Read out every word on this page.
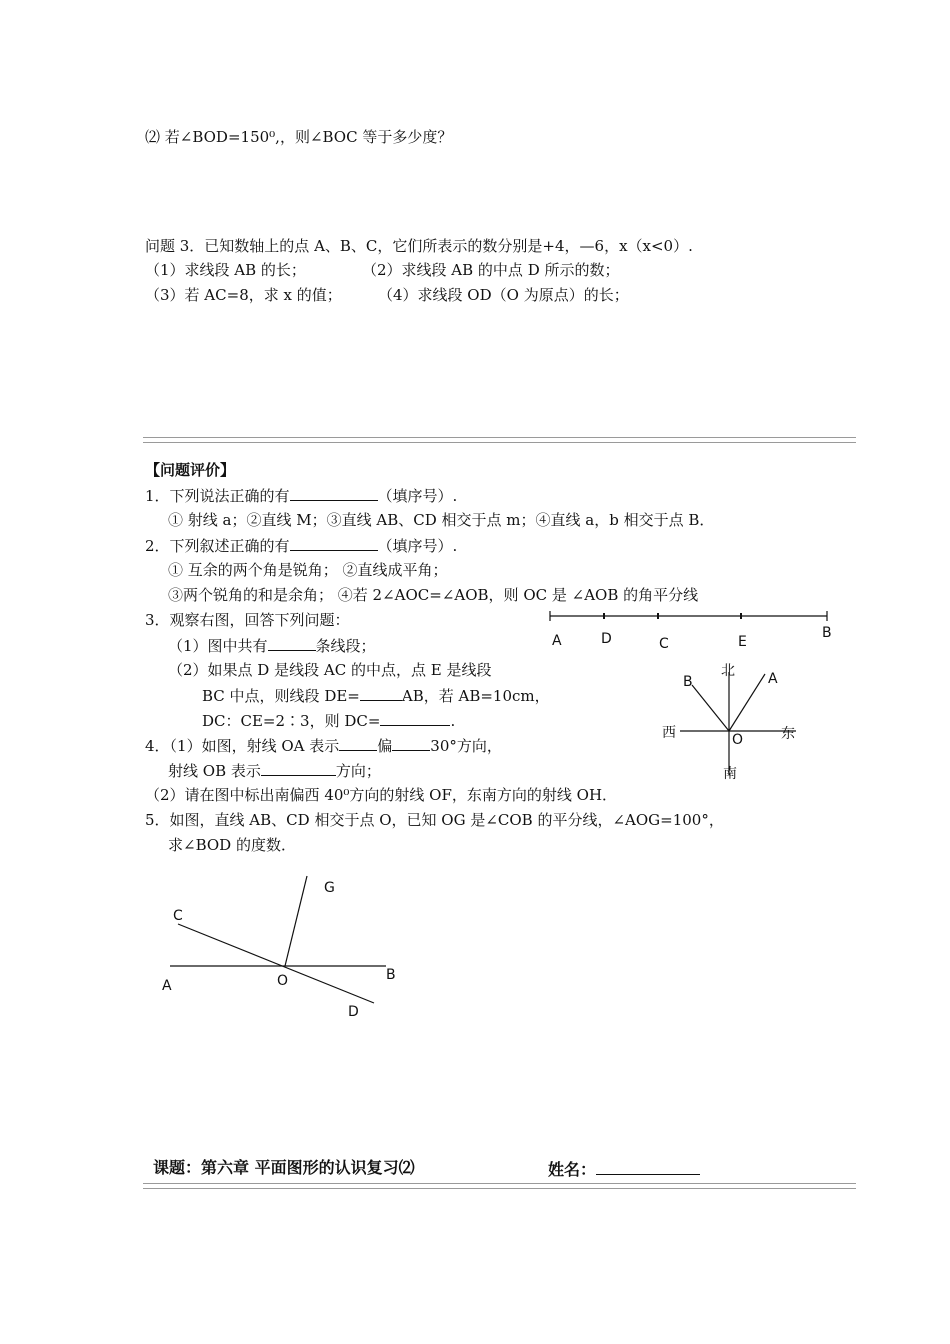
⑵ 若∠BOD=150⁰,，则∠BOC 等于多少度？
问题 3．已知数轴上的点 A、B、C，它们所表示的数分别是+4，—6，x（x<0）.
（1）求线段 AB 的长；	（2）求线段 AB 的中点 D 所示的数；
（3）若 AC=8，求 x 的值； （4）求线段 OD（O 为原点）的长；
【问题评价】
1．下列说法正确的有	（填序号）.
① 射线 a；②直线 M；③直线 AB、CD 相交于点 m；④直线 a，b 相交于点 B．
2．下列叙述正确的有	（填序号）.
① 互余的两个角是锐角； ②直线成平角；
③两个锐角的和是余角； ④若 2∠AOC=∠AOB，则 OC 是 ∠AOB 的角平分线
3．观察右图，回答下列问题：
（1）图中共有	条线段；
（2）如果点 D 是线段 AC 的中点，点 E 是线段
BC 中点，则线段 DE=	AB，若 AB=10cm，
DC：CE=2∶3，则 DC=	.
4．（1）如图，射线 OA 表示	偏	30°方向，
射线 OB 表示	方向；
（2）请在图中标出南偏西 40⁰方向的射线 OF，东南方向的射线 OH．
5．如图，直线 AB、CD 相交于点 O，已知 OG 是∠COB 的平分线，∠AOG=100°，
求∠BOD 的度数．
A	D	C	E
B
北
南
西	东
A
B
O
C
G
A	O	B
D
课题：第六章 平面图形的认识复习⑵	姓名：
